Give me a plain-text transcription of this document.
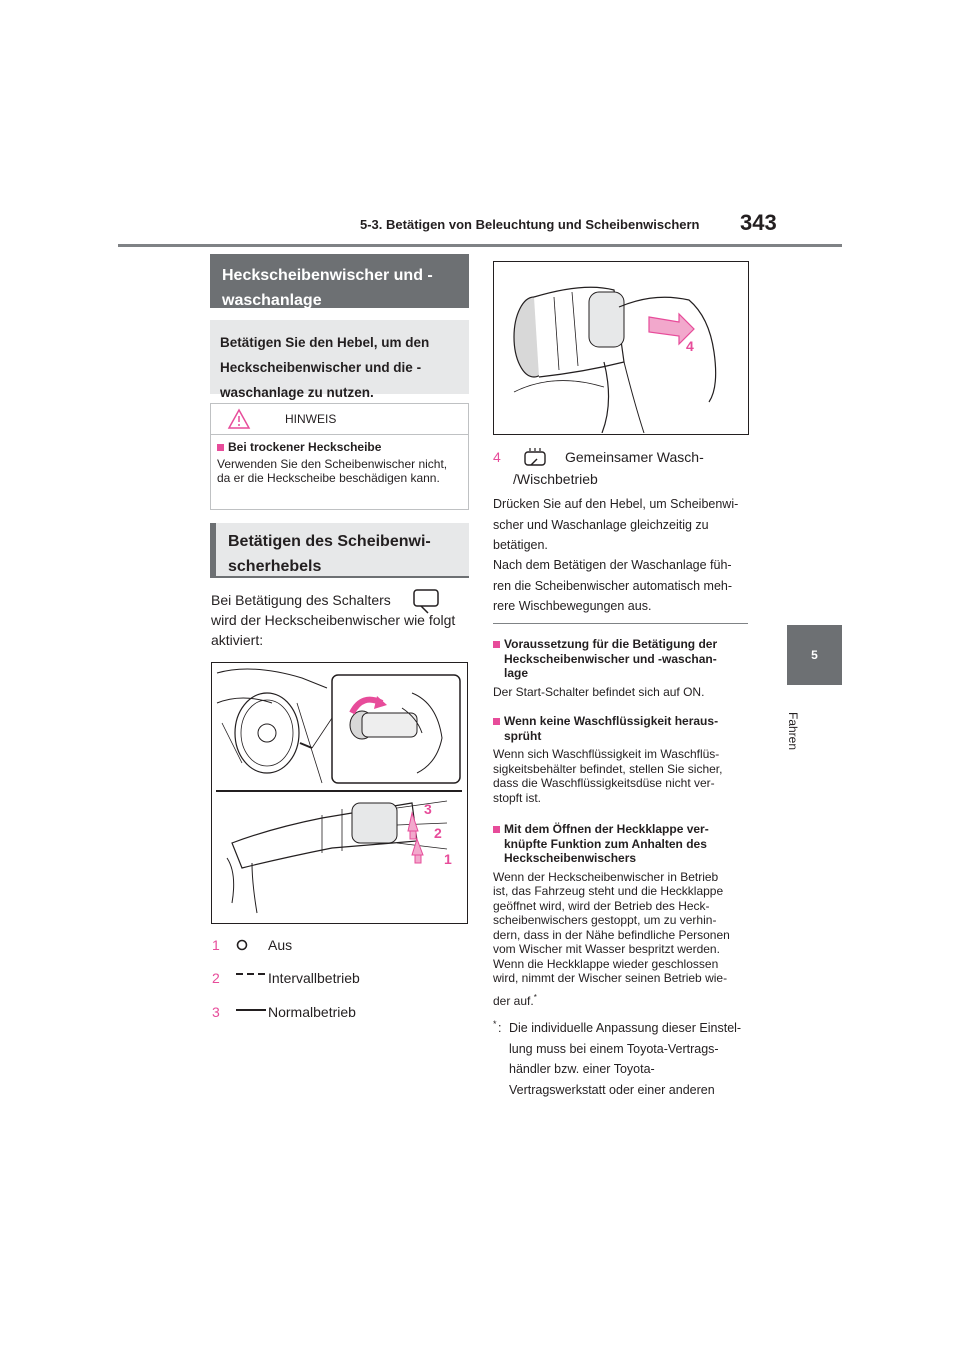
5-3. Betätigen von Beleuchtung und Scheibenwischern 343
5
Fahren
Heckscheibenwischer und -waschanlage
Betätigen Sie den Hebel, um den Heckscheibenwischer und die -waschanlage zu nutzen.
HINWEIS
Bei trockener Heckscheibe
Verwenden Sie den Scheibenwischer nicht, da er die Heckscheibe beschädigen kann.
Betätigen des Scheibenwi-scherhebels
Bei Betätigung des Schalters
wird der Heckscheibenwischer wie folgt
aktiviert:
3
2
1
1	Aus
2	Intervallbetrieb
3	Normalbetrieb
4
4	Gemeinsamer Wasch-
/Wischbetrieb
Drücken Sie auf den Hebel, um Scheibenwi-
scher und Waschanlage gleichzeitig zu
betätigen.
Nach dem Betätigen der Waschanlage füh-
ren die Scheibenwischer automatisch meh-
rere Wischbewegungen aus.
Voraussetzung für die Betätigung der
Heckscheibenwischer und -waschan-
lage
Der Start-Schalter befindet sich auf ON.
Wenn keine Waschflüssigkeit heraus-
sprüht
Wenn sich Waschflüssigkeit im Waschflüs-
sigkeitsbehälter befindet, stellen Sie sicher,
dass die Waschflüssigkeitsdüse nicht ver-
stopft ist.
Mit dem Öffnen der Heckklappe ver-
knüpfte Funktion zum Anhalten des
Heckscheibenwischers
Wenn der Heckscheibenwischer in Betrieb
ist, das Fahrzeug steht und die Heckklappe
geöffnet wird, wird der Betrieb des Heck-
scheibenwischers gestoppt, um zu verhin-
dern, dass in der Nähe befindliche Personen
vom Wischer mit Wasser bespritzt werden.
Wenn die Heckklappe wieder geschlossen
wird, nimmt der Wischer seinen Betrieb wie-
der auf.*
* : Die individuelle Anpassung dieser Einstel-
lung muss bei einem Toyota-Vertrags-
händler bzw. einer Toyota-
Vertragswerkstatt oder einer anderen
